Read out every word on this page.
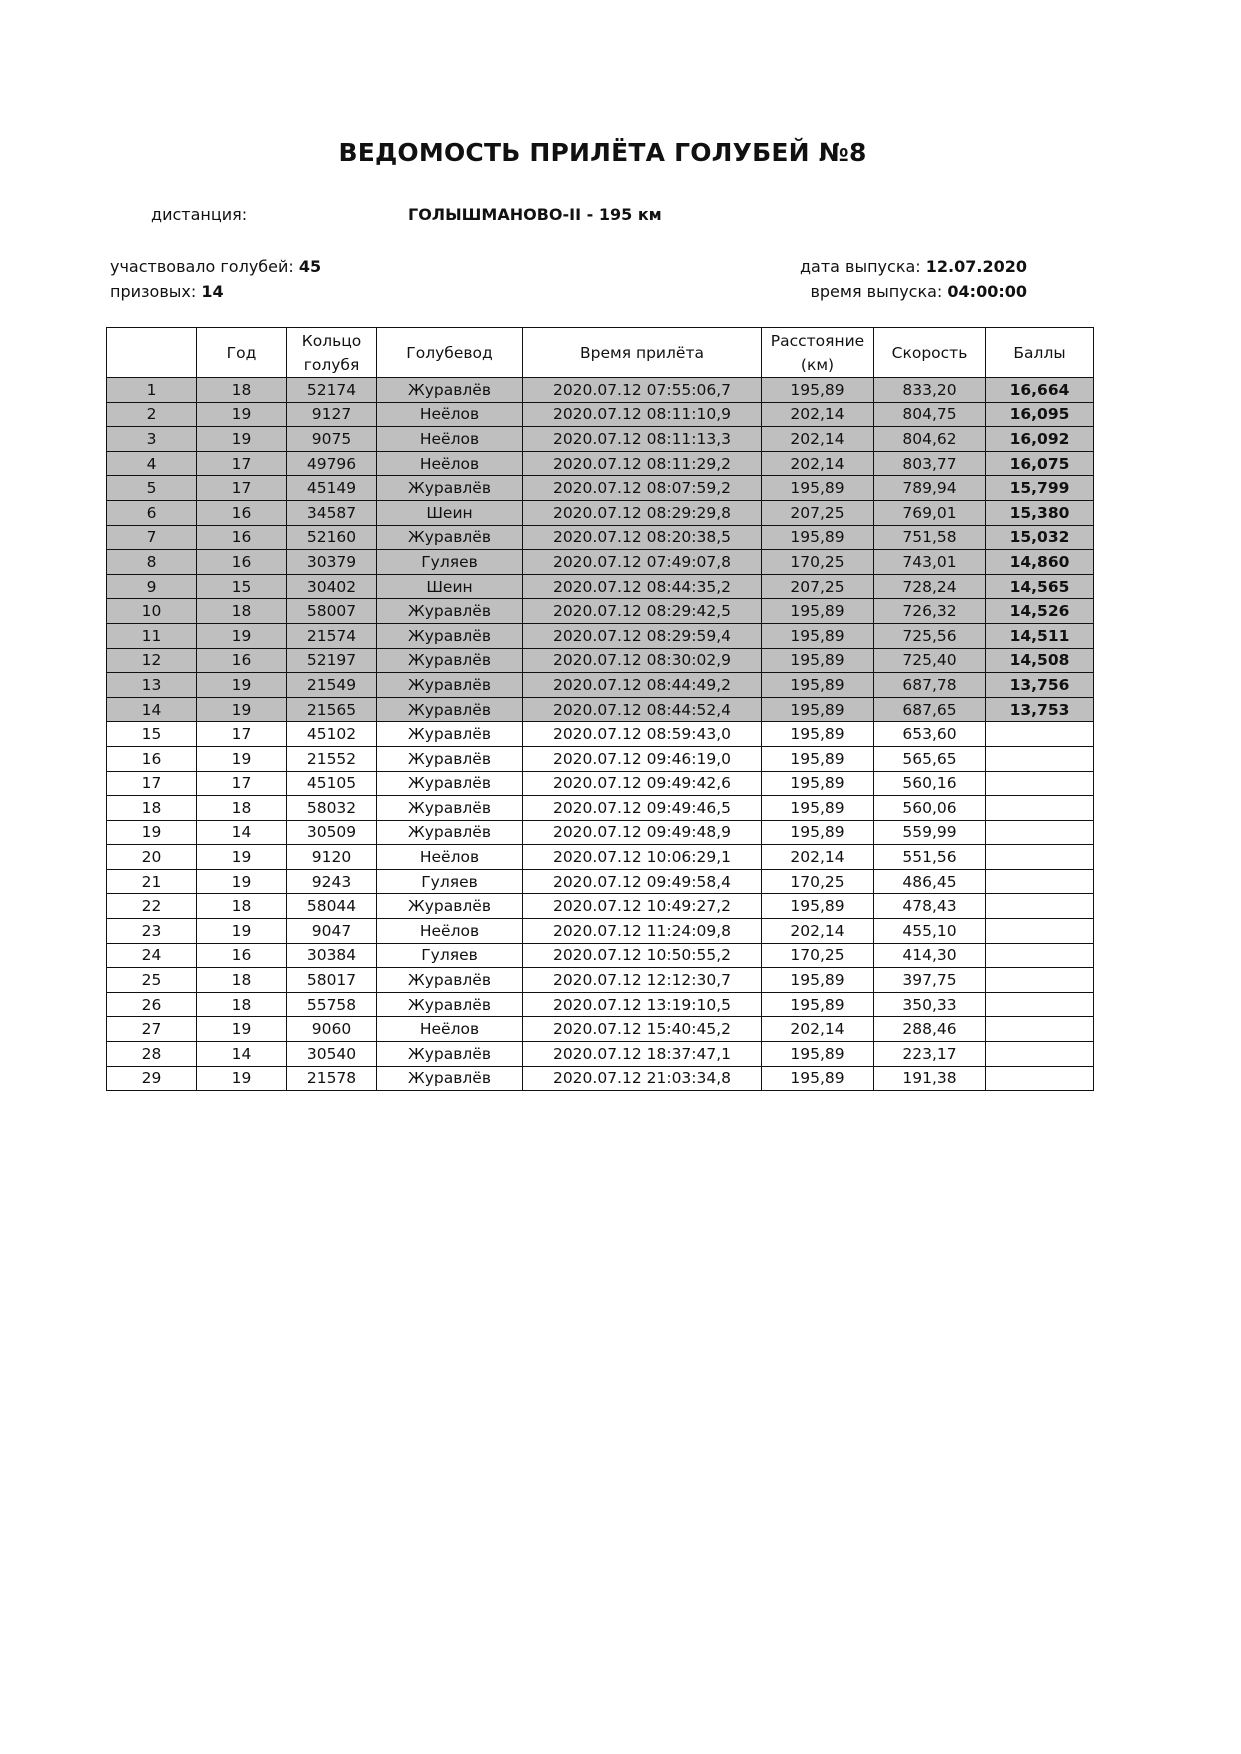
ВЕДОМОСТЬ ПРИЛЁТА ГОЛУБЕЙ №8
дистанция:	ГОЛЫШМАНОВО-II - 195 км
участвовало голубей: 45
призовых: 14
дата выпуска: 12.07.2020
время выпуска: 04:00:00
	Год	Кольцо голубя	Голубевод	Время прилёта	Расстояние (км)	Скорость	Баллы
1	18	52174	Журавлёв	2020.07.12 07:55:06,7	195,89	833,20	16,664
2	19	9127	Неёлов	2020.07.12 08:11:10,9	202,14	804,75	16,095
3	19	9075	Неёлов	2020.07.12 08:11:13,3	202,14	804,62	16,092
4	17	49796	Неёлов	2020.07.12 08:11:29,2	202,14	803,77	16,075
5	17	45149	Журавлёв	2020.07.12 08:07:59,2	195,89	789,94	15,799
6	16	34587	Шеин	2020.07.12 08:29:29,8	207,25	769,01	15,380
7	16	52160	Журавлёв	2020.07.12 08:20:38,5	195,89	751,58	15,032
8	16	30379	Гуляев	2020.07.12 07:49:07,8	170,25	743,01	14,860
9	15	30402	Шеин	2020.07.12 08:44:35,2	207,25	728,24	14,565
10	18	58007	Журавлёв	2020.07.12 08:29:42,5	195,89	726,32	14,526
11	19	21574	Журавлёв	2020.07.12 08:29:59,4	195,89	725,56	14,511
12	16	52197	Журавлёв	2020.07.12 08:30:02,9	195,89	725,40	14,508
13	19	21549	Журавлёв	2020.07.12 08:44:49,2	195,89	687,78	13,756
14	19	21565	Журавлёв	2020.07.12 08:44:52,4	195,89	687,65	13,753
15	17	45102	Журавлёв	2020.07.12 08:59:43,0	195,89	653,60	
16	19	21552	Журавлёв	2020.07.12 09:46:19,0	195,89	565,65	
17	17	45105	Журавлёв	2020.07.12 09:49:42,6	195,89	560,16	
18	18	58032	Журавлёв	2020.07.12 09:49:46,5	195,89	560,06	
19	14	30509	Журавлёв	2020.07.12 09:49:48,9	195,89	559,99	
20	19	9120	Неёлов	2020.07.12 10:06:29,1	202,14	551,56	
21	19	9243	Гуляев	2020.07.12 09:49:58,4	170,25	486,45	
22	18	58044	Журавлёв	2020.07.12 10:49:27,2	195,89	478,43	
23	19	9047	Неёлов	2020.07.12 11:24:09,8	202,14	455,10	
24	16	30384	Гуляев	2020.07.12 10:50:55,2	170,25	414,30	
25	18	58017	Журавлёв	2020.07.12 12:12:30,7	195,89	397,75	
26	18	55758	Журавлёв	2020.07.12 13:19:10,5	195,89	350,33	
27	19	9060	Неёлов	2020.07.12 15:40:45,2	202,14	288,46	
28	14	30540	Журавлёв	2020.07.12 18:37:47,1	195,89	223,17	
29	19	21578	Журавлёв	2020.07.12 21:03:34,8	195,89	191,38	
